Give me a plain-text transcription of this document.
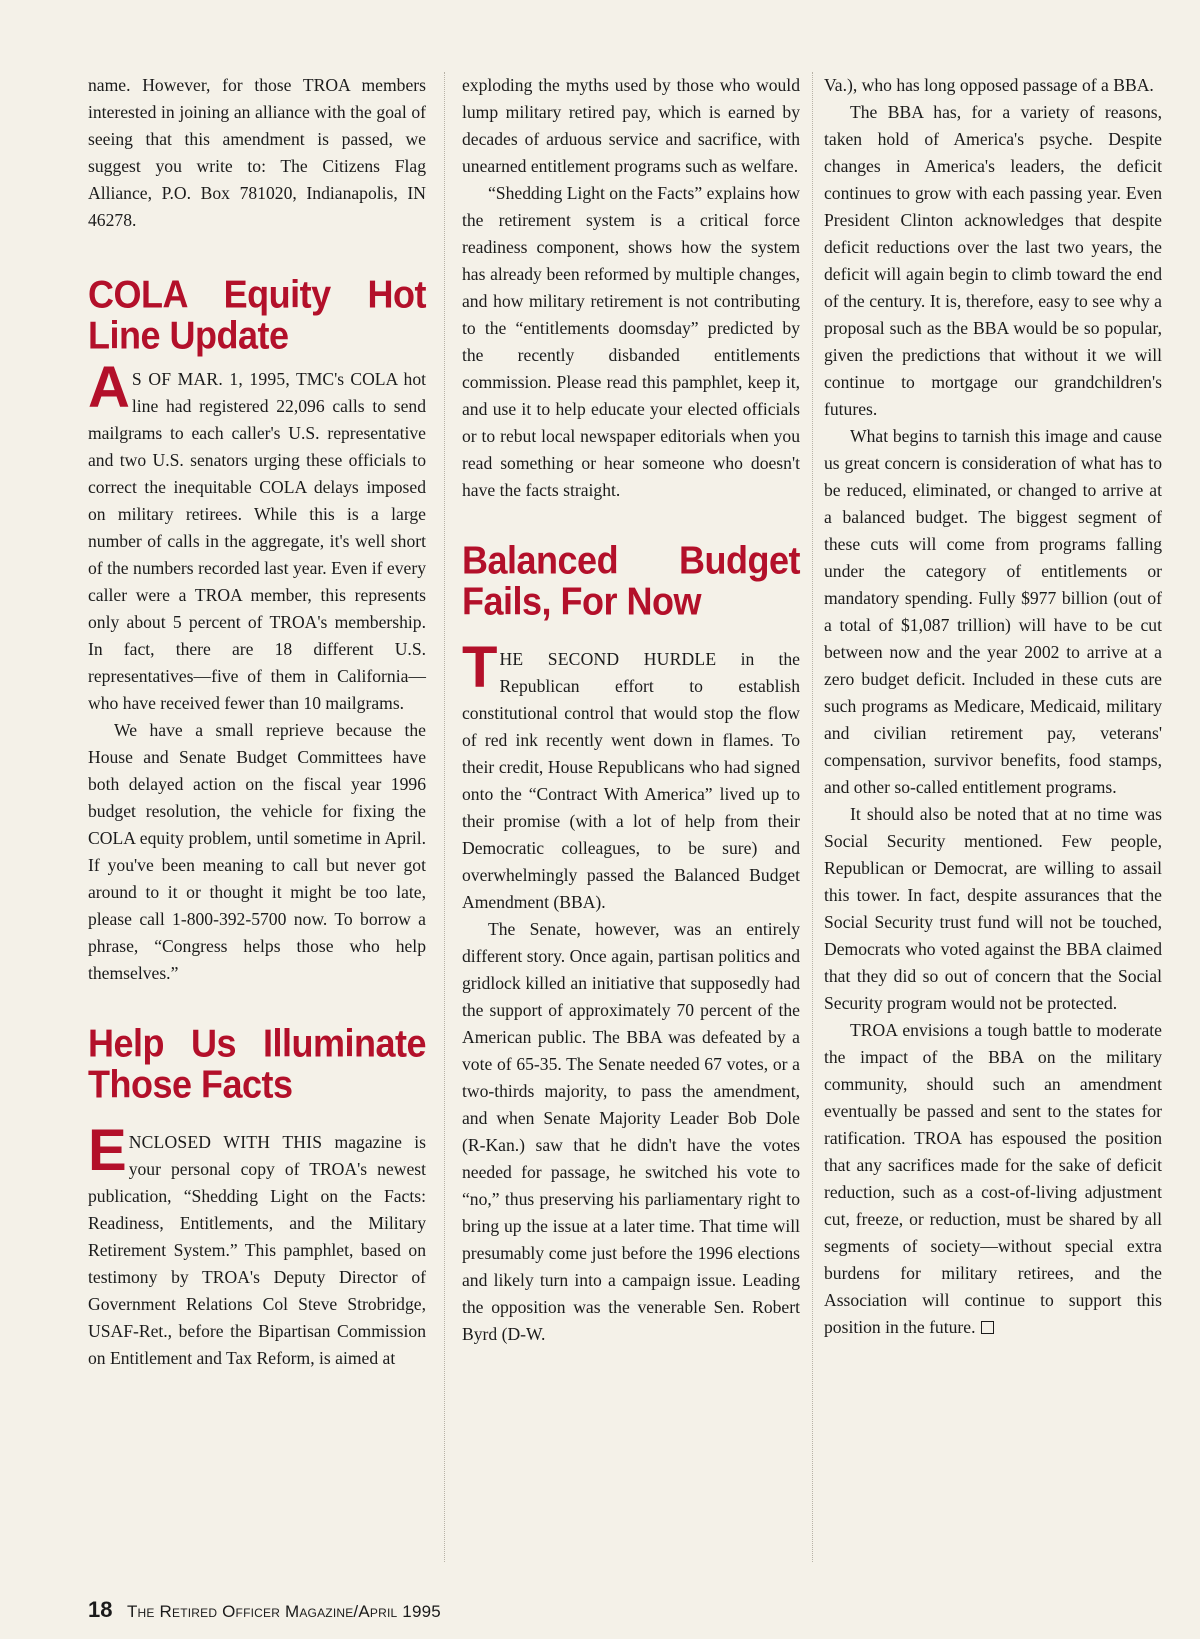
name. However, for those TROA members interested in joining an alliance with the goal of seeing that this amendment is passed, we suggest you write to: The Citizens Flag Alliance, P.O. Box 781020, Indianapolis, IN 46278.

COLA Equity Hot Line Update

A S OF MAR. 1, 1995, TMC's COLA hot line had registered 22,096 calls to send mailgrams to each caller's U.S. representative and two U.S. senators urging these officials to correct the inequitable COLA delays imposed on military retirees. While this is a large number of calls in the aggregate, it's well short of the numbers recorded last year. Even if every caller were a TROA member, this represents only about 5 percent of TROA's membership. In fact, there are 18 different U.S. representatives—five of them in California—who have received fewer than 10 mailgrams.

We have a small reprieve because the House and Senate Budget Committees have both delayed action on the fiscal year 1996 budget resolution, the vehicle for fixing the COLA equity problem, until sometime in April. If you've been meaning to call but never got around to it or thought it might be too late, please call 1-800-392-5700 now. To borrow a phrase, “Congress helps those who help themselves.”

Help Us Illuminate Those Facts

ENCLOSED WITH THIS magazine is your personal copy of TROA's newest publication, “Shedding Light on the Facts: Readiness, Entitlements, and the Military Retirement System.” This pamphlet, based on testimony by TROA's Deputy Director of Government Relations Col Steve Strobridge, USAF-Ret., before the Bipartisan Commission on Entitlement and Tax Reform, is aimed at

exploding the myths used by those who would lump military retired pay, which is earned by decades of arduous service and sacrifice, with unearned entitlement programs such as welfare.

“Shedding Light on the Facts” explains how the retirement system is a critical force readiness component, shows how the system has already been reformed by multiple changes, and how military retirement is not contributing to the “entitlements doomsday” predicted by the recently disbanded entitlements commission. Please read this pamphlet, keep it, and use it to help educate your elected officials or to rebut local newspaper editorials when you read something or hear someone who doesn't have the facts straight.

Balanced Budget Fails, For Now

THE SECOND HURDLE in the Republican effort to establish constitutional control that would stop the flow of red ink recently went down in flames. To their credit, House Republicans who had signed onto the “Contract With America” lived up to their promise (with a lot of help from their Democratic colleagues, to be sure) and overwhelmingly passed the Balanced Budget Amendment (BBA).

The Senate, however, was an entirely different story. Once again, partisan politics and gridlock killed an initiative that supposedly had the support of approximately 70 percent of the American public. The BBA was defeated by a vote of 65-35. The Senate needed 67 votes, or a two-thirds majority, to pass the amendment, and when Senate Majority Leader Bob Dole (R-Kan.) saw that he didn't have the votes needed for passage, he switched his vote to “no,” thus preserving his parliamentary right to bring up the issue at a later time. That time will presumably come just before the 1996 elections and likely turn into a campaign issue. Leading the opposition was the venerable Sen. Robert Byrd (D-W.

Va.), who has long opposed passage of a BBA.

The BBA has, for a variety of reasons, taken hold of America's psyche. Despite changes in America's leaders, the deficit continues to grow with each passing year. Even President Clinton acknowledges that despite deficit reductions over the last two years, the deficit will again begin to climb toward the end of the century. It is, therefore, easy to see why a proposal such as the BBA would be so popular, given the predictions that without it we will continue to mortgage our grandchildren's futures.

What begins to tarnish this image and cause us great concern is consideration of what has to be reduced, eliminated, or changed to arrive at a balanced budget. The biggest segment of these cuts will come from programs falling under the category of entitlements or mandatory spending. Fully $977 billion (out of a total of $1,087 trillion) will have to be cut between now and the year 2002 to arrive at a zero budget deficit. Included in these cuts are such programs as Medicare, Medicaid, military and civilian retirement pay, veterans' compensation, survivor benefits, food stamps, and other so-called entitlement programs.

It should also be noted that at no time was Social Security mentioned. Few people, Republican or Democrat, are willing to assail this tower. In fact, despite assurances that the Social Security trust fund will not be touched, Democrats who voted against the BBA claimed that they did so out of concern that the Social Security program would not be protected.

TROA envisions a tough battle to moderate the impact of the BBA on the military community, should such an amendment eventually be passed and sent to the states for ratification. TROA has espoused the position that any sacrifices made for the sake of deficit reduction, such as a cost-of-living adjustment cut, freeze, or reduction, must be shared by all segments of society—without special extra burdens for military retirees, and the Association will continue to support this position in the future.

18 The Retired Officer Magazine/April 1995
